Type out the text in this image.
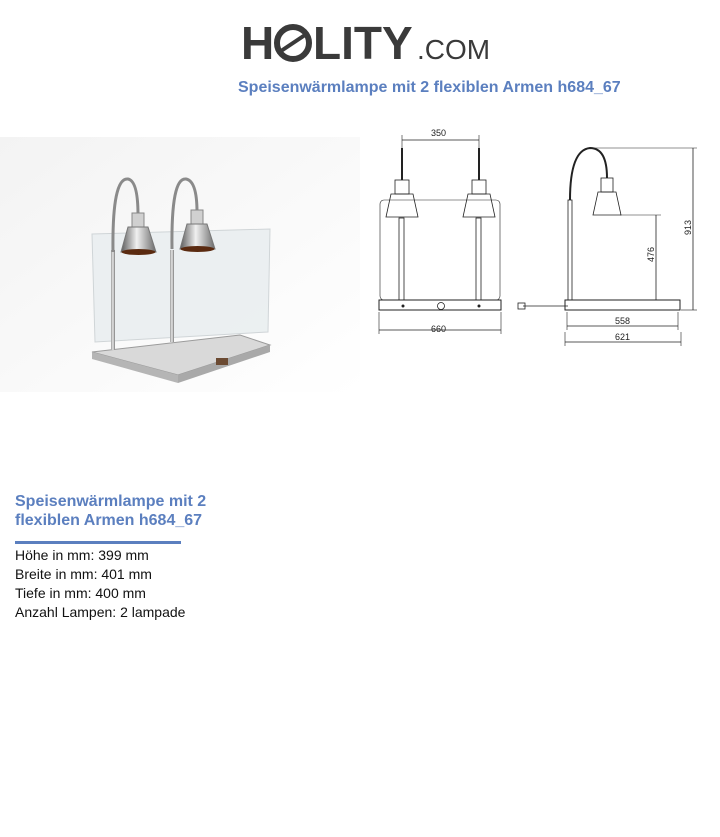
H LITY .COM
Speisenwärmlampe mit 2 flexiblen Armen h684_67
350
660
476
913
558
621
Speisenwärmlampe mit 2
flexiblen Armen h684_67
Höhe in mm: 399 mm
Breite in mm: 401 mm
Tiefe in mm: 400 mm
Anzahl Lampen: 2 lampade
